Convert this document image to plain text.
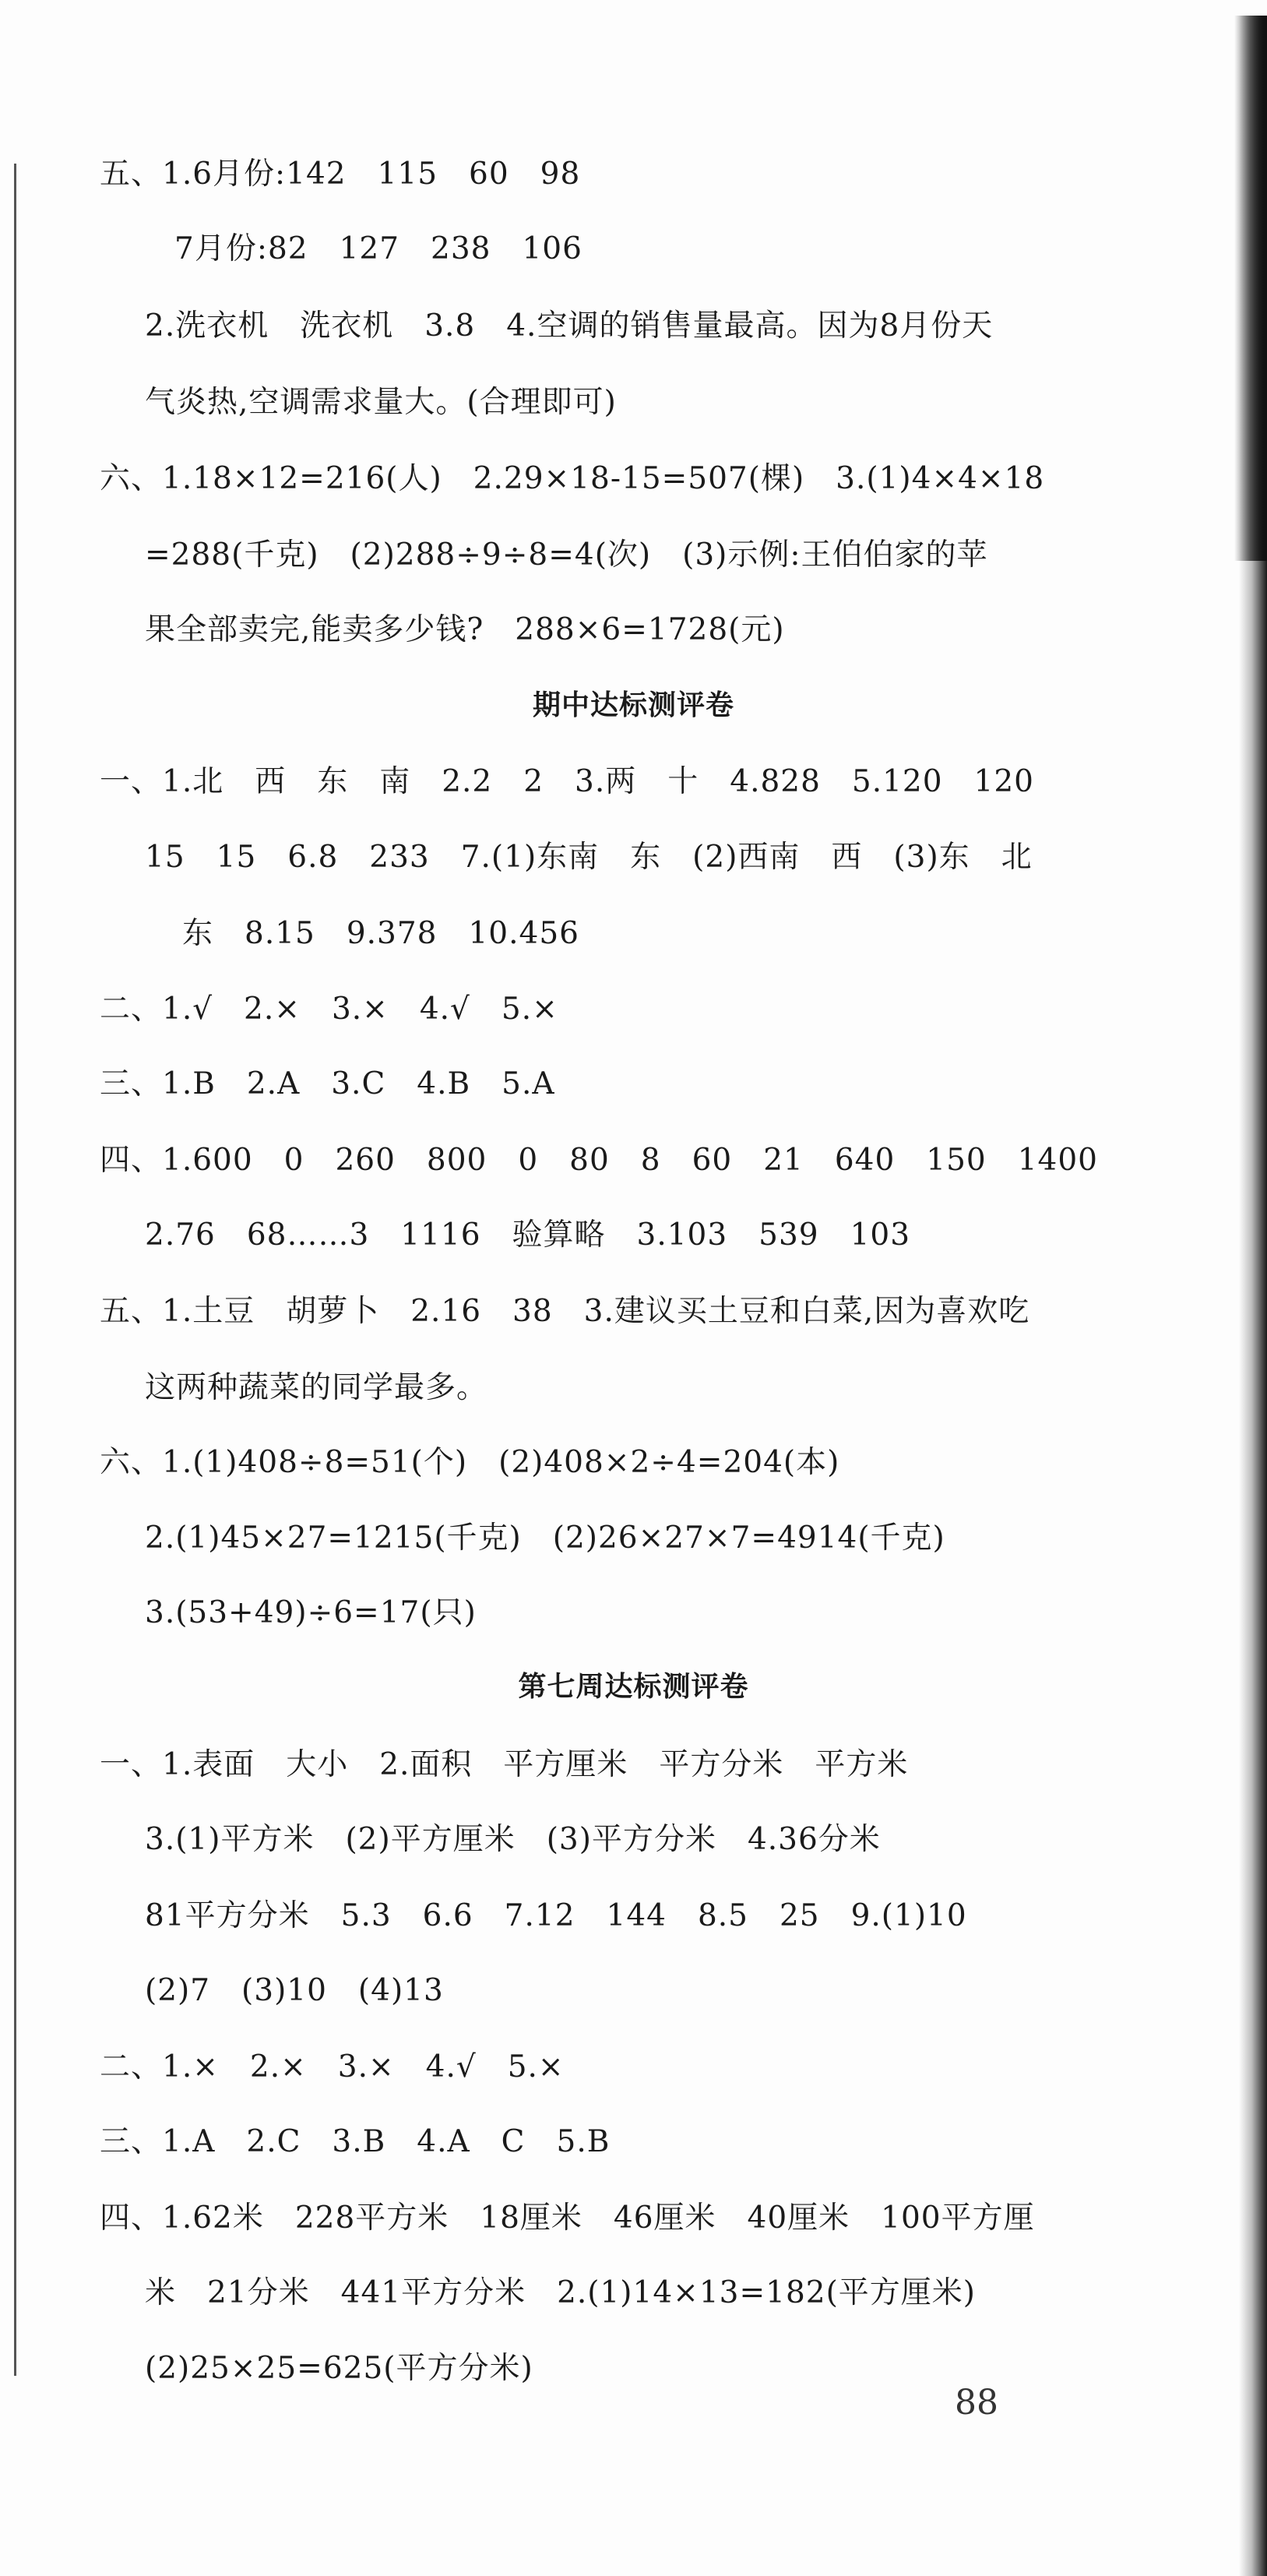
五、1.6月份:142　115　60　98
7月份:82　127　238　106
2.洗衣机　洗衣机　3.8　4.空调的销售量最高。因为8月份天
气炎热,空调需求量大。(合理即可)
六、1.18×12=216(人)　2.29×18-15=507(棵)　3.(1)4×4×18
=288(千克)　(2)288÷9÷8=4(次)　(3)示例:王伯伯家的苹
果全部卖完,能卖多少钱?　288×6=1728(元)
期中达标测评卷
一、1.北　西　东　南　2.2　2　3.两　十　4.828　5.120　120
15　15　6.8　233　7.(1)东南　东　(2)西南　西　(3)东　北
东　8.15　9.378　10.456
二、1.√　2.×　3.×　4.√　5.×
三、1.B　2.A　3.C　4.B　5.A
四、1.600　0　260　800　0　80　8　60　21　640　150　1400
2.76　68……3　1116　验算略　3.103　539　103
五、1.土豆　胡萝卜　2.16　38　3.建议买土豆和白菜,因为喜欢吃
这两种蔬菜的同学最多。
六、1.(1)408÷8=51(个)　(2)408×2÷4=204(本)
2.(1)45×27=1215(千克)　(2)26×27×7=4914(千克)
3.(53+49)÷6=17(只)
第七周达标测评卷
一、1.表面　大小　2.面积　平方厘米　平方分米　平方米
3.(1)平方米　(2)平方厘米　(3)平方分米　4.36分米
81平方分米　5.3　6.6　7.12　144　8.5　25　9.(1)10
(2)7　(3)10　(4)13
二、1.×　2.×　3.×　4.√　5.×
三、1.A　2.C　3.B　4.A　C　5.B
四、1.62米　228平方米　18厘米　46厘米　40厘米　100平方厘
米　21分米　441平方分米　2.(1)14×13=182(平方厘米)
(2)25×25=625(平方分米)
88
